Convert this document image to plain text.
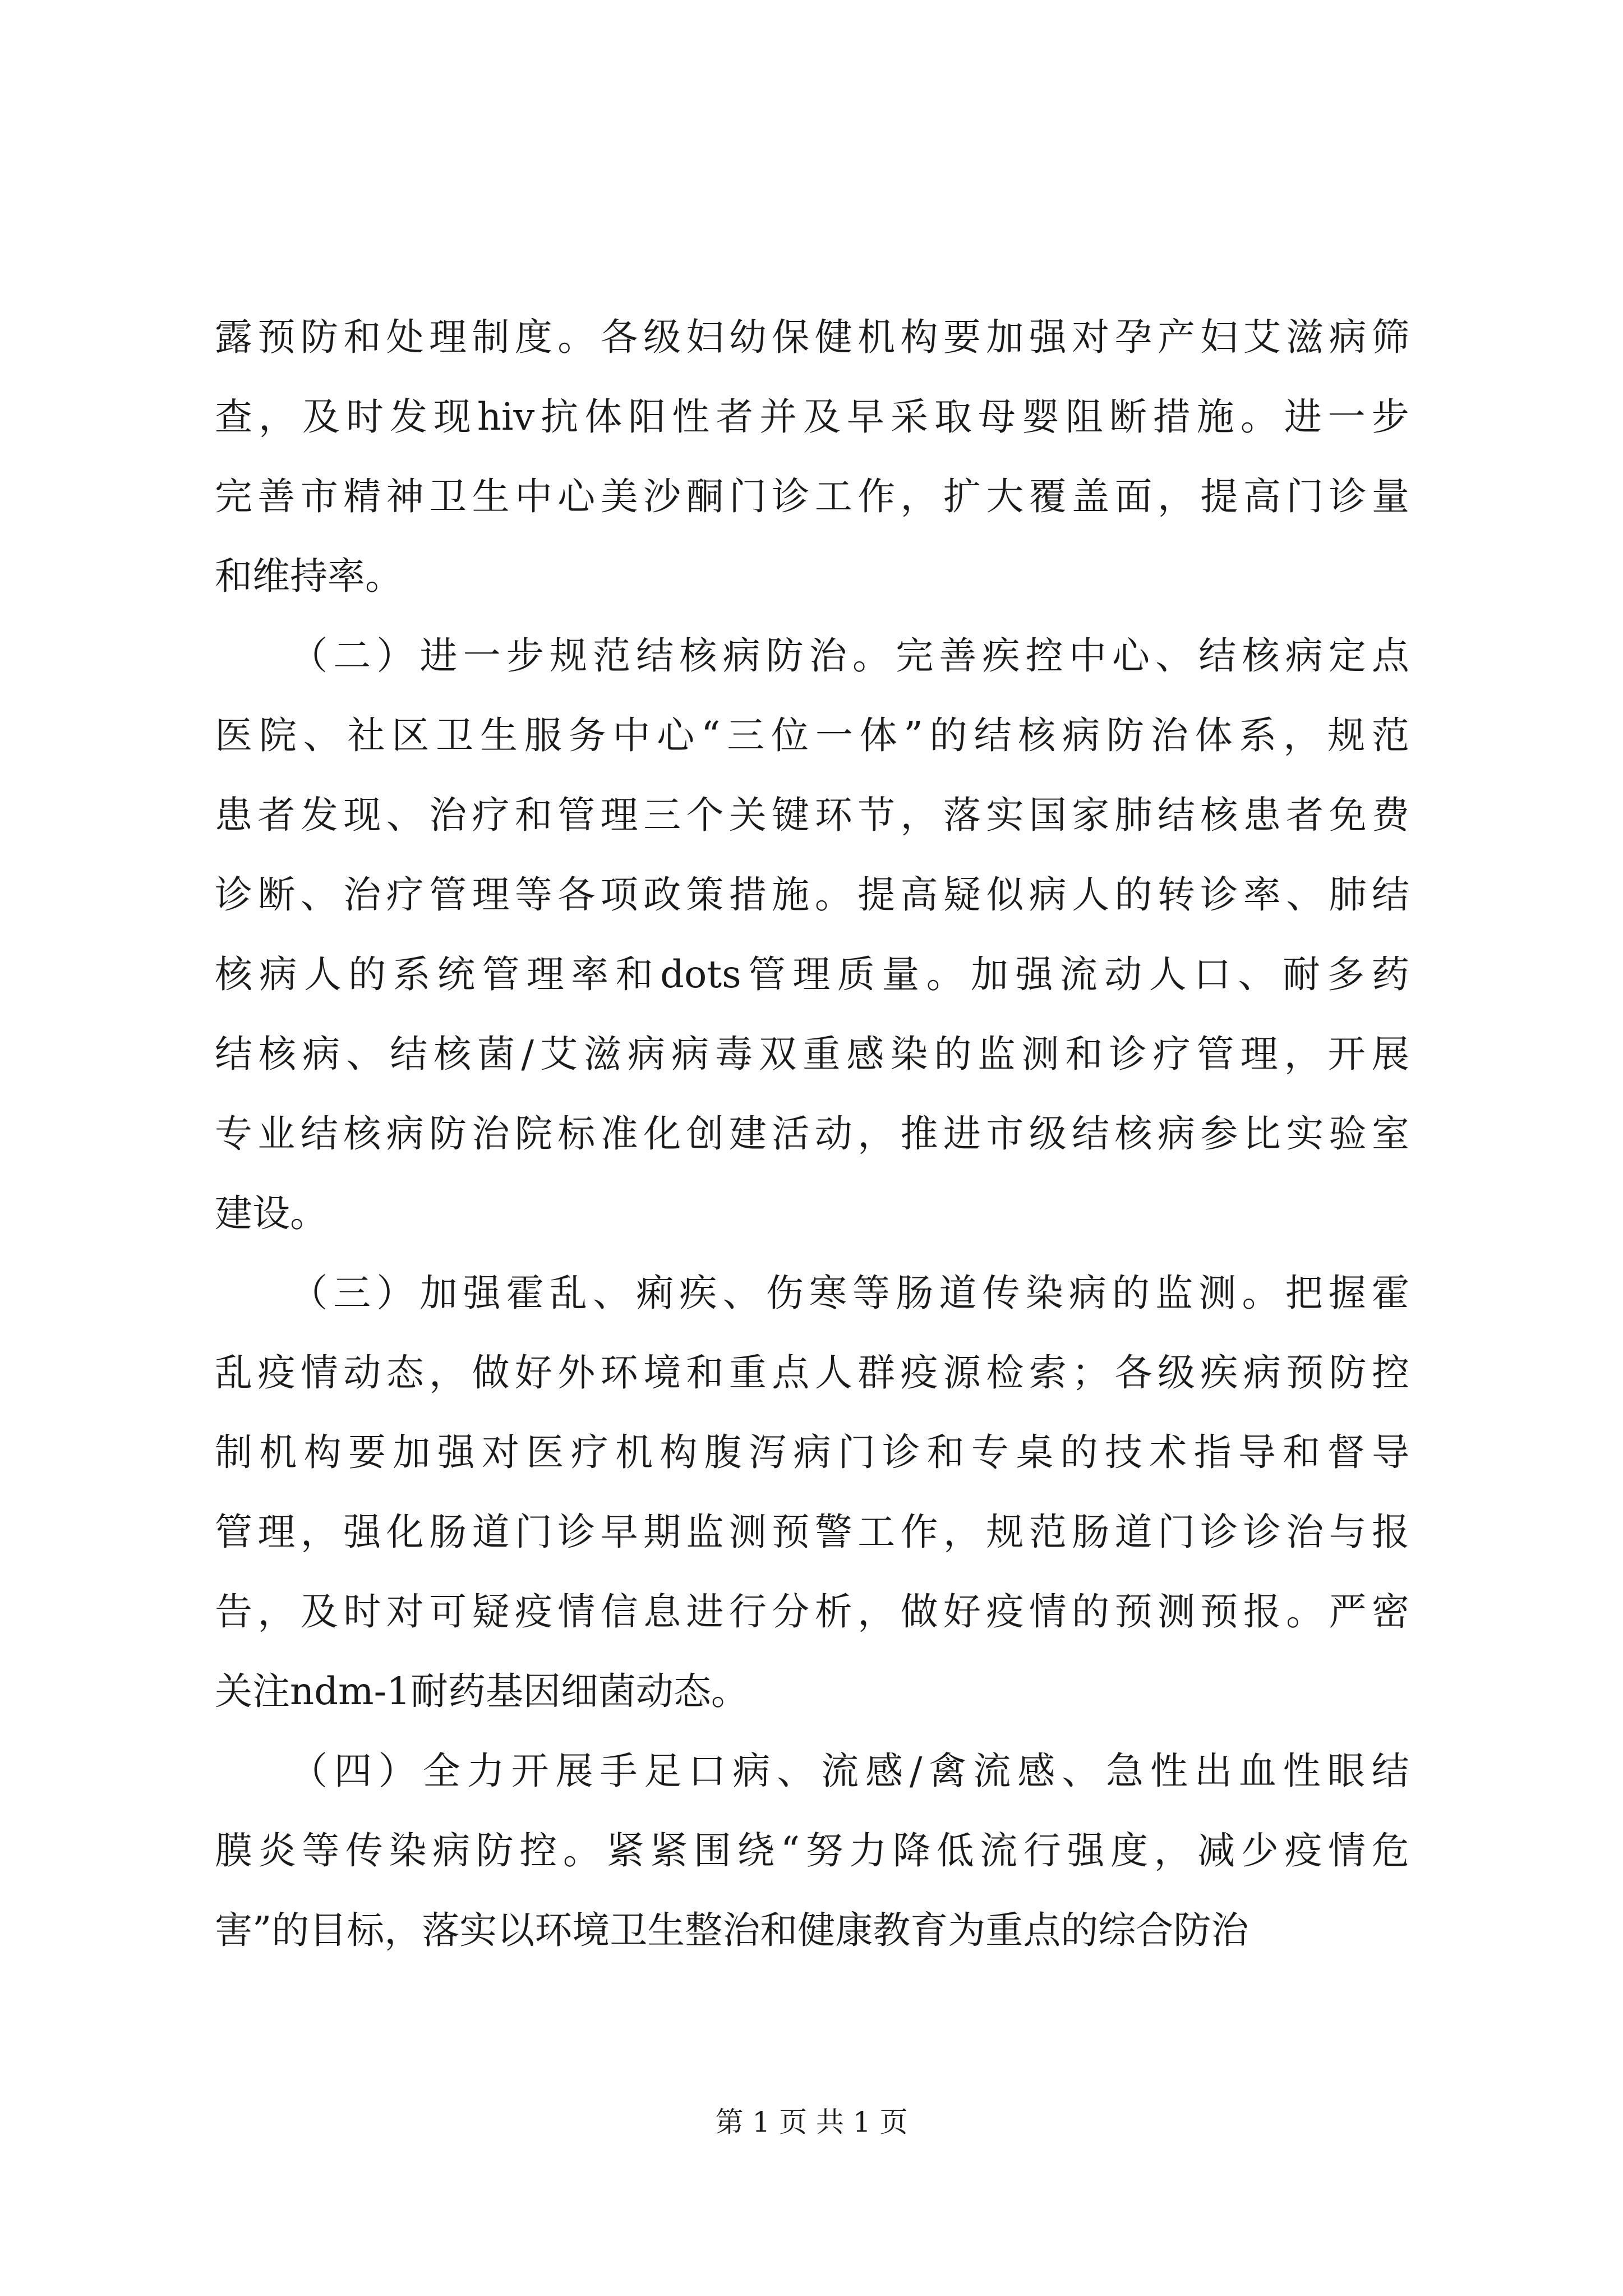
露 预 防 和 处 理 制 度 。 各 级 妇 幼 保 健 机 构 要 加 强 对 孕 产 妇 艾 滋 病 筛
查 ， 及 时 发 现 hiv 抗 体 阳 性 者 并 及 早 采 取 母 婴 阻 断 措 施 。 进 一 步
完 善 市 精 神 卫 生 中 心 美 沙 酮 门 诊 工 作 ， 扩 大 覆 盖 面 ， 提 高 门 诊 量
和 维 持 率 。
（ 二 ） 进 一 步 规 范 结 核 病 防 治 。 完 善 疾 控 中 心 、 结 核 病 定 点
医 院 、 社 区 卫 生 服 务 中 心 “ 三 位 一 体 ” 的 结 核 病 防 治 体 系 ， 规 范
患 者 发 现 、 治 疗 和 管 理 三 个 关 键 环 节 ， 落 实 国 家 肺 结 核 患 者 免 费
诊 断 、 治 疗 管 理 等 各 项 政 策 措 施 。 提 高 疑 似 病 人 的 转 诊 率 、 肺 结
核 病 人 的 系 统 管 理 率 和 dots 管 理 质 量 。 加 强 流 动 人 口 、 耐 多 药
结 核 病 、 结 核 菌 / 艾 滋 病 病 毒 双 重 感 染 的 监 测 和 诊 疗 管 理 ， 开 展
专 业 结 核 病 防 治 院 标 准 化 创 建 活 动 ， 推 进 市 级 结 核 病 参 比 实 验 室
建 设 。
（ 三 ） 加 强 霍 乱 、 痢 疾 、 伤 寒 等 肠 道 传 染 病 的 监 测 。 把 握 霍
乱 疫 情 动 态 ， 做 好 外 环 境 和 重 点 人 群 疫 源 检 索 ； 各 级 疾 病 预 防 控
制 机 构 要 加 强 对 医 疗 机 构 腹 泻 病 门 诊 和 专 桌 的 技 术 指 导 和 督 导
管 理 ， 强 化 肠 道 门 诊 早 期 监 测 预 警 工 作 ， 规 范 肠 道 门 诊 诊 治 与 报
告 ， 及 时 对 可 疑 疫 情 信 息 进 行 分 析 ， 做 好 疫 情 的 预 测 预 报 。 严 密
关 注 ndm-1 耐 药 基 因 细 菌 动 态 。
（ 四 ） 全 力 开 展 手 足 口 病 、 流 感 / 禽 流 感 、 急 性 出 血 性 眼 结
膜 炎 等 传 染 病 防 控 。 紧 紧 围 绕 “ 努 力 降 低 流 行 强 度 ， 减 少 疫 情 危
害 ” 的 目 标 ， 落 实 以 环 境 卫 生 整 治 和 健 康 教 育 为 重 点 的 综 合 防 治
第 1 页 共 1 页
